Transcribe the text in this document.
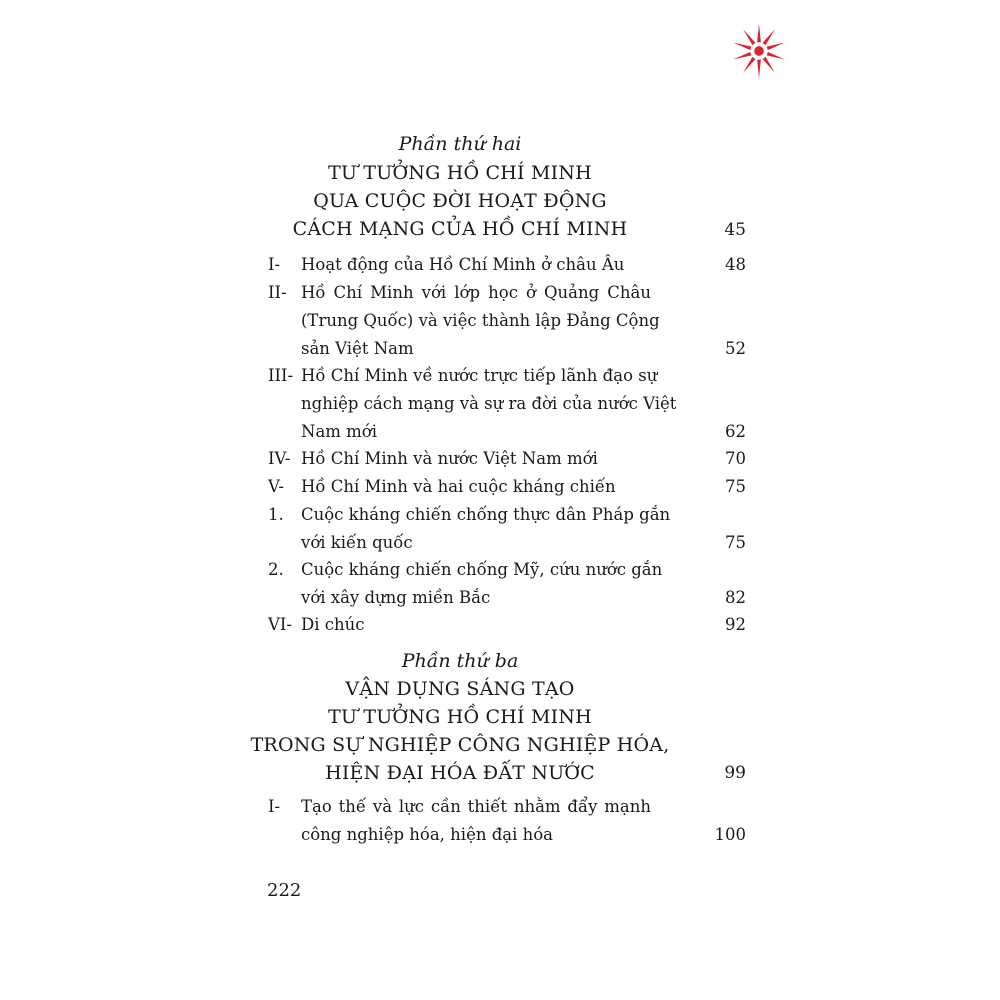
Phần thứ hai
TƯ TƯỞNG HỒ CHÍ MINH
QUA CUỘC ĐỜI HOẠT ĐỘNG
CÁCH MẠNG CỦA HỒ CHÍ MINH	45
I- Hoạt động của Hồ Chí Minh ở châu Âu	48
II- Hồ Chí Minh với lớp học ở Quảng Châu
(Trung Quốc) và việc thành lập Đảng Cộng
sản Việt Nam	52
III- Hồ Chí Minh về nước trực tiếp lãnh đạo sự
nghiệp cách mạng và sự ra đời của nước Việt
Nam mới	62
IV- Hồ Chí Minh và nước Việt Nam mới	70
V- Hồ Chí Minh và hai cuộc kháng chiến	75
1. Cuộc kháng chiến chống thực dân Pháp gắn
với kiến quốc	75
2. Cuộc kháng chiến chống Mỹ, cứu nước gắn
với xây dựng miền Bắc	82
VI- Di chúc	92
Phần thứ ba
VẬN DỤNG SÁNG TẠO
TƯ TƯỞNG HỒ CHÍ MINH
TRONG SỰ NGHIỆP CÔNG NGHIỆP HÓA,
HIỆN ĐẠI HÓA ĐẤT NƯỚC	99
I- Tạo thế và lực cần thiết nhằm đẩy mạnh
công nghiệp hóa, hiện đại hóa	100
222
